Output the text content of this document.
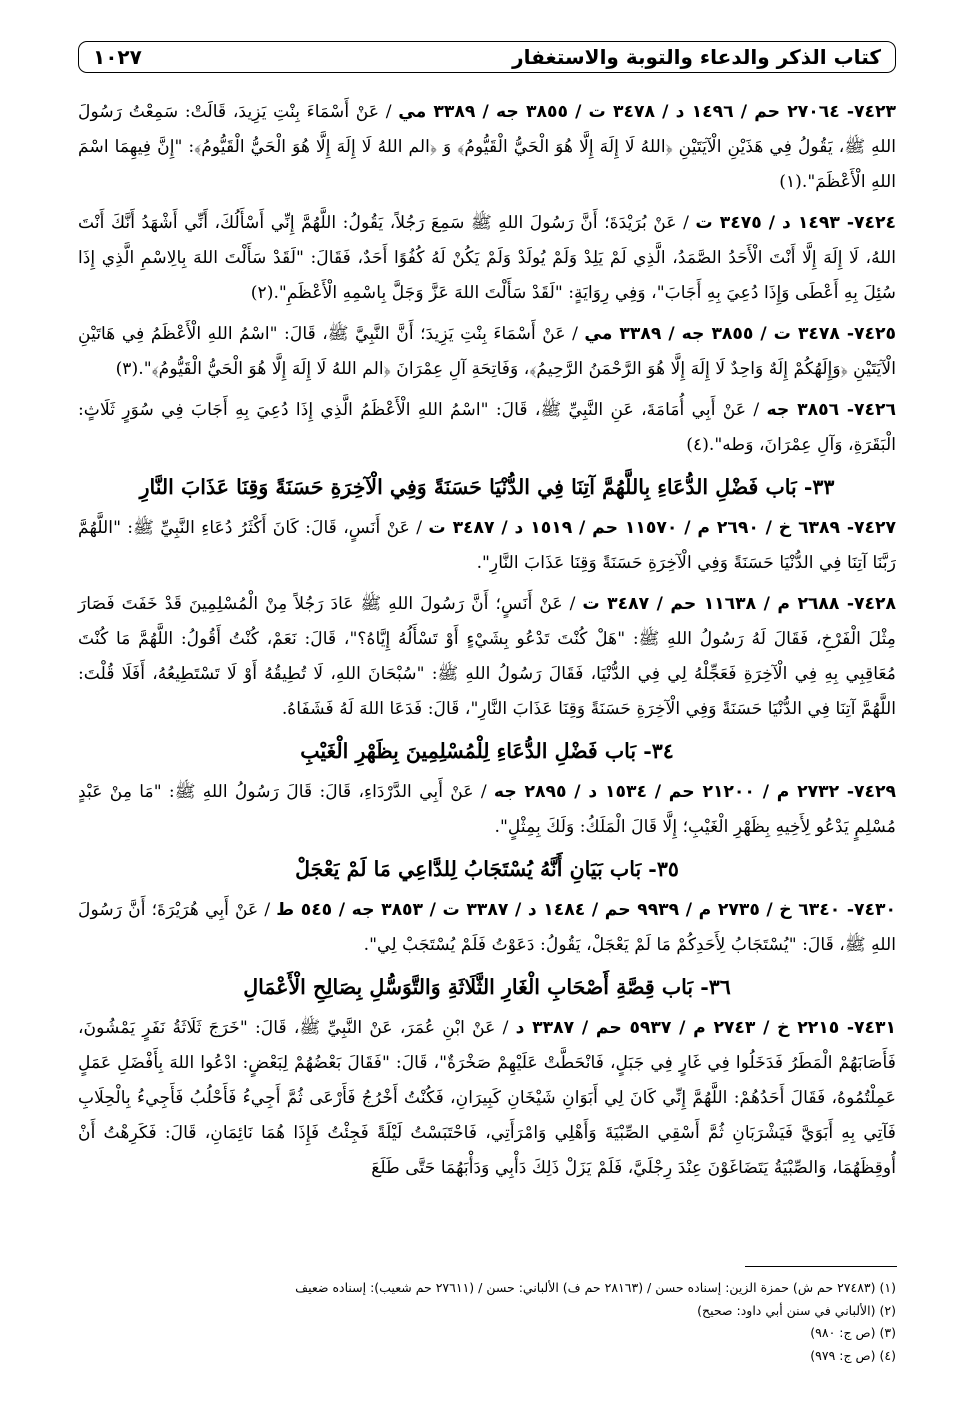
كتاب الذكر والدعاء والتوبة والاستغفار
١٠٢٧

٧٤٢٣- ٢٧٠٦٤ حم / ١٤٩٦ د / ٣٤٧٨ ت / ٣٨٥٥ جه / ٣٣٨٩ مي / عَنْ أَسْمَاءَ بِنْتِ يَزِيدَ، قَالَتْ: سَمِعْتُ رَسُولَ اللهِ ﷺ، يَقُولُ فِي هَذَيْنِ الْآيَتَيْنِ ﴿اللهُ لَا إِلَهَ إِلَّا هُوَ الْحَيُّ الْقَيُّومُ﴾ وَ ﴿الم اللهُ لَا إِلَهَ إِلَّا هُوَ الْحَيُّ الْقَيُّومُ﴾: "إِنَّ فِيهِمَا اسْمَ اللهِ الْأَعْظَمَ".(١)

٧٤٢٤- ١٤٩٣ د / ٣٤٧٥ ت / عَنْ بُرَيْدَةَ؛ أَنَّ رَسُولَ اللهِ ﷺ سَمِعَ رَجُلاً، يَقُولُ: اللَّهُمَّ إِنِّي أَسْأَلُكَ، أَنِّي أَشْهَدُ أَنَّكَ أَنْتَ اللهُ، لَا إِلَهَ إِلَّا أَنْتَ الْأَحَدُ الصَّمَدُ، الَّذِي لَمْ يَلِدْ وَلَمْ يُولَدْ وَلَمْ يَكُنْ لَهُ كُفُوًا أَحَدٌ، فَقَالَ: "لَقَدْ سَأَلْتَ اللهَ بِالِاسْمِ الَّذِي إِذَا سُئِلَ بِهِ أَعْطَى وَإِذَا دُعِيَ بِهِ أَجَابَ"، وَفِي رِوَايَةٍ: "لَقَدْ سَأَلْتَ اللهَ عَزَّ وَجَلَّ بِاسْمِهِ الْأَعْظَمِ".(٢)

٧٤٢٥- ٣٤٧٨ ت / ٣٨٥٥ جه / ٣٣٨٩ مي / عَنْ أَسْمَاءَ بِنْتِ يَزِيدَ؛ أَنَّ النَّبِيَّ ﷺ، قَالَ: "اسْمُ اللهِ الْأَعْظَمُ فِي هَاتَيْنِ الْآيَتَيْنِ ﴿وَإِلَهُكُمْ إِلَهٌ وَاحِدٌ لَا إِلَهَ إِلَّا هُوَ الرَّحْمَنُ الرَّحِيمُ﴾، وَفَاتِحَةِ آلِ عِمْرَانَ ﴿الم اللهُ لَا إِلَهَ إِلَّا هُوَ الْحَيُّ الْقَيُّومُ﴾".(٣)

٧٤٢٦- ٣٨٥٦ جه / عَنْ أَبِي أُمَامَةَ، عَنِ النَّبِيِّ ﷺ، قَالَ: "اسْمُ اللهِ الْأَعْظَمُ الَّذِي إِذَا دُعِيَ بِهِ أَجَابَ فِي سُوَرٍ ثَلَاثٍ: الْبَقَرَةِ، وَآلِ عِمْرَانَ، وَطه".(٤)

٣٣- بَاب فَضْلِ الدُّعَاءِ بِاللَّهُمَّ آتِنَا فِي الدُّنْيَا حَسَنَةً وَفِي الْآخِرَةِ حَسَنَةً وَقِنَا عَذَابَ النَّارِ

٧٤٢٧- ٦٣٨٩ خ / ٢٦٩٠ م / ١١٥٧٠ حم / ١٥١٩ د / ٣٤٨٧ ت / عَنْ أَنَسٍ، قَالَ: كَانَ أَكْثَرُ دُعَاءِ النَّبِيِّ ﷺ: "اللَّهُمَّ رَبَّنَا آتِنَا فِي الدُّنْيَا حَسَنَةً وَفِي الْآخِرَةِ حَسَنَةً وَقِنَا عَذَابَ النَّارِ".

٧٤٢٨- ٢٦٨٨ م / ١١٦٣٨ حم / ٣٤٨٧ ت / عَنْ أَنَسٍ؛ أَنَّ رَسُولَ اللهِ ﷺ عَادَ رَجُلاً مِنْ الْمُسْلِمِينَ قَدْ خَفَتَ فَصَارَ مِثْلَ الْفَرْخِ، فَقَالَ لَهُ رَسُولُ اللهِ ﷺ: "هَلْ كُنْتَ تَدْعُو بِشَيْءٍ أَوْ تَسْأَلُهُ إِيَّاهُ؟"، قَالَ: نَعَمْ، كُنْتُ أَقُولُ: اللَّهُمَّ مَا كُنْتَ مُعَاقِبِي بِهِ فِي الْآخِرَةِ فَعَجِّلْهُ لِي فِي الدُّنْيَا، فَقَالَ رَسُولُ اللهِ ﷺ: "سُبْحَانَ اللهِ، لَا تُطِيقُهُ أَوْ لَا تَسْتَطِيعُهُ، أَفَلَا قُلْتَ: اللَّهُمَّ آتِنَا فِي الدُّنْيَا حَسَنَةً وَفِي الْآخِرَةِ حَسَنَةً وَقِنَا عَذَابَ النَّارِ"، قَالَ: فَدَعَا اللهَ لَهُ فَشَفَاهُ.

٣٤- بَاب فَضْلِ الدُّعَاءِ لِلْمُسْلِمِينَ بِظَهْرِ الْغَيْبِ

٧٤٢٩- ٢٧٣٢ م / ٢١٢٠٠ حم / ١٥٣٤ د / ٢٨٩٥ جه / عَنْ أَبِي الدَّرْدَاءِ، قَالَ: قَالَ رَسُولُ اللهِ ﷺ: "مَا مِنْ عَبْدٍ مُسْلِمٍ يَدْعُو لِأَخِيهِ بِظَهْرِ الْغَيْبِ؛ إِلَّا قَالَ الْمَلَكُ: وَلَكَ بِمِثْلٍ".

٣٥- بَاب بَيَانِ أَنَّهُ يُسْتَجَابُ لِلدَّاعِي مَا لَمْ يَعْجَلْ

٧٤٣٠- ٦٣٤٠ خ / ٢٧٣٥ م / ٩٩٣٩ حم / ١٤٨٤ د / ٣٣٨٧ ت / ٣٨٥٣ جه / ٥٤٥ ط / عَنْ أَبِي هُرَيْرَةَ؛ أَنَّ رَسُولَ اللهِ ﷺ، قَالَ: "يُسْتَجَابُ لِأَحَدِكُمْ مَا لَمْ يَعْجَلْ، يَقُولُ: دَعَوْتُ فَلَمْ يُسْتَجَبْ لِي".

٣٦- بَاب قِصَّةِ أَصْحَابِ الْغَارِ الثَّلَاثَةِ وَالتَّوَسُّلِ بِصَالِحِ الْأَعْمَالِ

٧٤٣١- ٢٢١٥ خ / ٢٧٤٣ م / ٥٩٣٧ حم / ٣٣٨٧ د / عَنْ ابْنِ عُمَرَ، عَنْ النَّبِيِّ ﷺ، قَالَ: "خَرَجَ ثَلَاثَةُ نَفَرٍ يَمْشُونَ، فَأَصَابَهُمْ الْمَطَرُ فَدَخَلُوا فِي غَارٍ فِي جَبَلٍ، فَانْحَطَّتْ عَلَيْهِمْ صَخْرَةٌ"، قَالَ: "فَقَالَ بَعْضُهُمْ لِبَعْضٍ: ادْعُوا اللهَ بِأَفْضَلِ عَمَلٍ عَمِلْتُمُوهُ، فَقَالَ أَحَدُهُمْ: اللَّهُمَّ إِنِّي كَانَ لِي أَبَوَانِ شَيْخَانِ كَبِيرَانِ، فَكُنْتُ أَخْرُجُ فَأَرْعَى ثُمَّ أَجِيءُ فَأَحْلُبُ فَأَجِيءُ بِالْحِلَابِ فَآتِي بِهِ أَبَوَيَّ فَيَشْرَبَانِ ثُمَّ أَسْقِي الصِّبْيَةَ وَأَهْلِي وَامْرَأَتِي، فَاحْتَبَسْتُ لَيْلَةً فَجِئْتُ فَإِذَا هُمَا نَائِمَانِ، قَالَ: فَكَرِهْتُ أَنْ أُوقِظَهُمَا، وَالصِّبْيَةُ يَتَضَاغَوْنَ عِنْدَ رِجْلَيَّ، فَلَمْ يَزَلْ ذَلِكَ دَأْبِي وَدَأْبَهُمَا حَتَّى طَلَعَ

(١) (٢٧٤٨٣ حم ش) حمزة الزين: إسناده حسن / (٢٨١٦٣ حم ف) الألباني: حسن / (٢٧٦١١ حم شعيب): إسناده ضعيف

(٢) (الألباني في سنن أبي داود: صحيح)

(٣) (ص ج: ٩٨٠)

(٤) (ص ج: ٩٧٩)
